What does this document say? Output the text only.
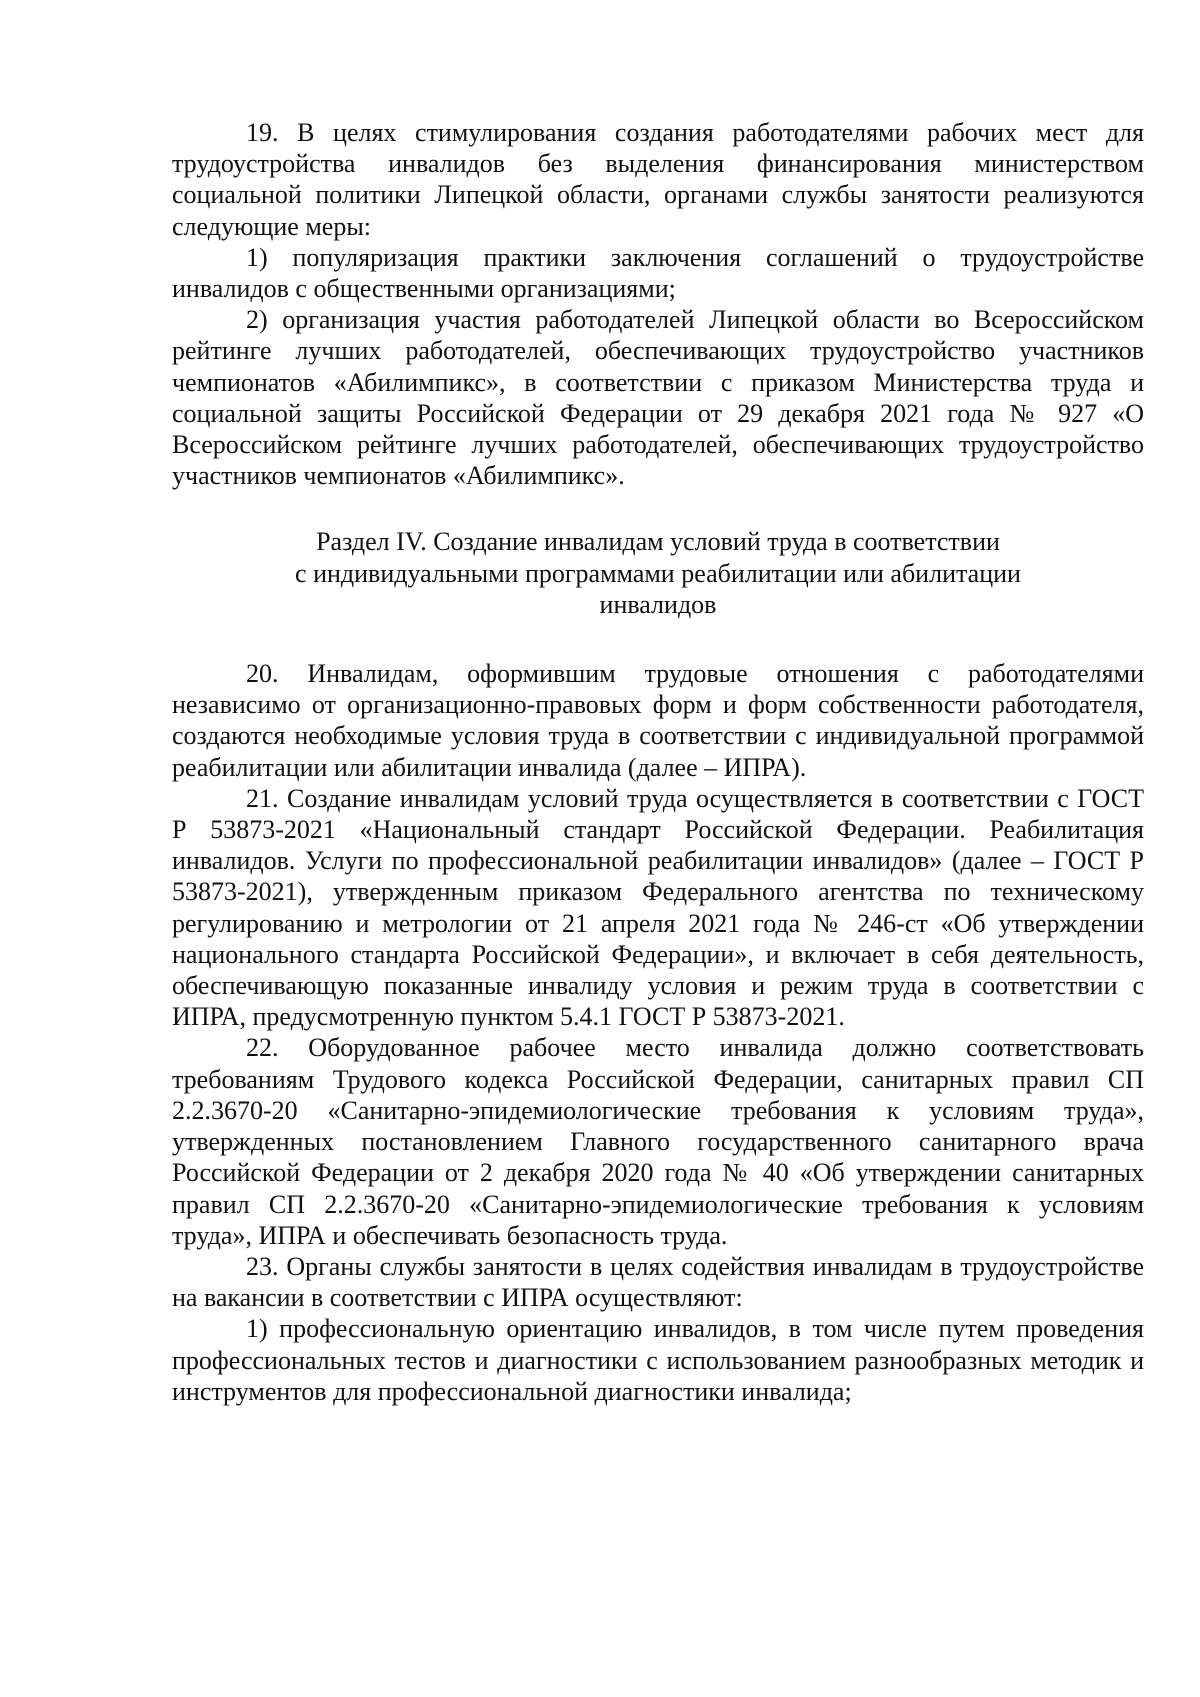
19. В целях стимулирования создания работодателями рабочих мест для трудоустройства инвалидов без выделения финансирования министерством социальной политики Липецкой области, органами службы занятости реализуются следующие меры:

1) популяризация практики заключения соглашений о трудоустройстве инвалидов с общественными организациями;

2) организация участия работодателей Липецкой области во Всероссийском рейтинге лучших работодателей, обеспечивающих трудоустройство участников чемпионатов «Абилимпикс», в соответствии с приказом Министерства труда и социальной защиты Российской Федерации от 29 декабря 2021 года № 927 «О Всероссийском рейтинге лучших работодателей, обеспечивающих трудоустройство участников чемпионатов «Абилимпикс».

Раздел IV. Создание инвалидам условий труда в соответствии
с индивидуальными программами реабилитации или абилитации
инвалидов

20. Инвалидам, оформившим трудовые отношения с работодателями независимо от организационно-правовых форм и форм собственности работодателя, создаются необходимые условия труда в соответствии с индивидуальной программой реабилитации или абилитации инвалида (далее – ИПРА).

21. Создание инвалидам условий труда осуществляется в соответствии с ГОСТ Р 53873-2021 «Национальный стандарт Российской Федерации. Реабилитация инвалидов. Услуги по профессиональной реабилитации инвалидов» (далее – ГОСТ Р 53873-2021), утвержденным приказом Федерального агентства по техническому регулированию и метрологии от 21 апреля 2021 года № 246-ст «Об утверждении национального стандарта Российской Федерации», и включает в себя деятельность, обеспечивающую показанные инвалиду условия и режим труда в соответствии с ИПРА, предусмотренную пунктом 5.4.1 ГОСТ Р 53873-2021.

22. Оборудованное рабочее место инвалида должно соответствовать требованиям Трудового кодекса Российской Федерации, санитарных правил СП 2.2.3670-20 «Санитарно-эпидемиологические требования к условиям труда», утвержденных постановлением Главного государственного санитарного врача Российской Федерации от 2 декабря 2020 года № 40 «Об утверждении санитарных правил СП 2.2.3670-20 «Санитарно-эпидемиологические требования к условиям труда», ИПРА и обеспечивать безопасность труда.

23. Органы службы занятости в целях содействия инвалидам в трудоустройстве на вакансии в соответствии с ИПРА осуществляют:

1) профессиональную ориентацию инвалидов, в том числе путем проведения профессиональных тестов и диагностики с использованием разнообразных методик и инструментов для профессиональной диагностики инвалида;
